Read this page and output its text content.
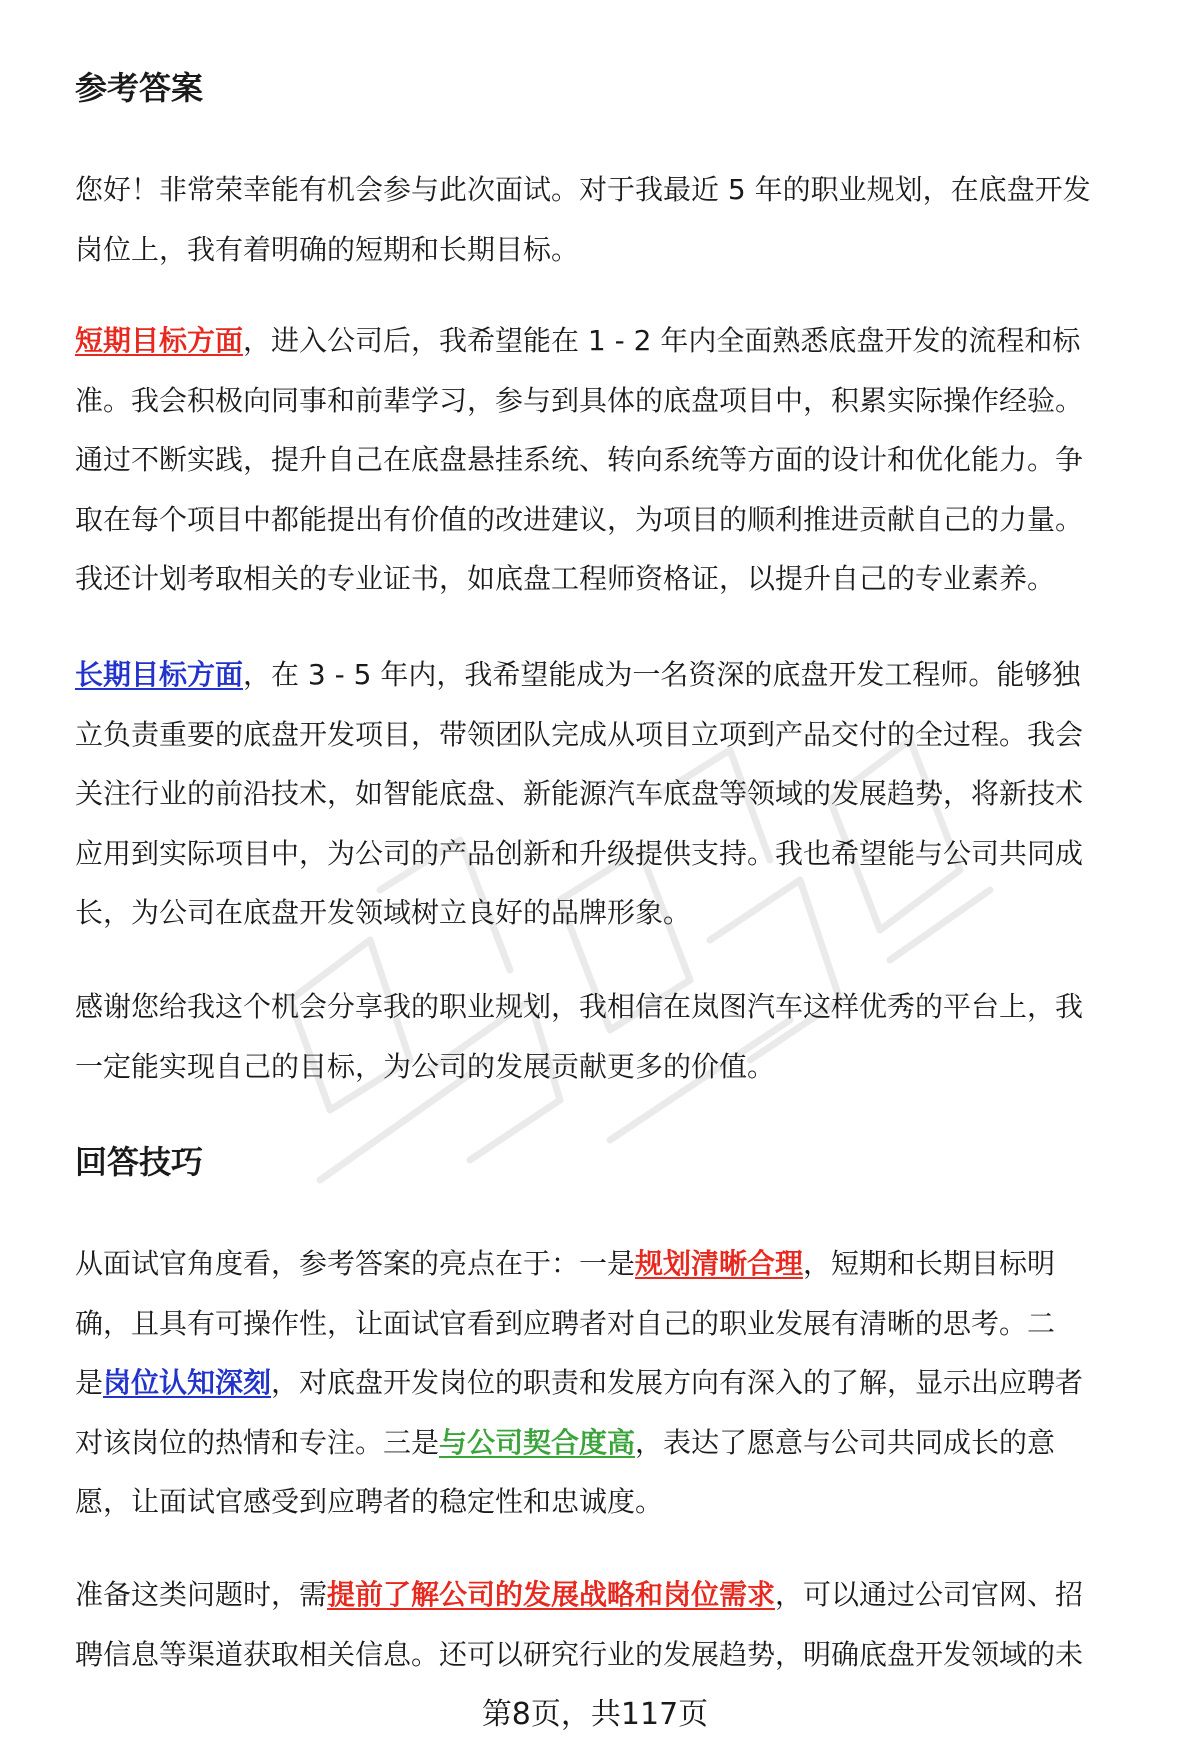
参考答案

您好！非常荣幸能有机会参与此次面试。对于我最近 5 年的职业规划，在底盘开发

岗位上，我有着明确的短期和长期目标。

短期目标方面，进入公司后，我希望能在 1 - 2 年内全面熟悉底盘开发的流程和标

准。我会积极向同事和前辈学习，参与到具体的底盘项目中，积累实际操作经验。

通过不断实践，提升自己在底盘悬挂系统、转向系统等方面的设计和优化能力。争

取在每个项目中都能提出有价值的改进建议，为项目的顺利推进贡献自己的力量。

我还计划考取相关的专业证书，如底盘工程师资格证，以提升自己的专业素养。

长期目标方面，在 3 - 5 年内，我希望能成为一名资深的底盘开发工程师。能够独

立负责重要的底盘开发项目，带领团队完成从项目立项到产品交付的全过程。我会

关注行业的前沿技术，如智能底盘、新能源汽车底盘等领域的发展趋势，将新技术

应用到实际项目中，为公司的产品创新和升级提供支持。我也希望能与公司共同成

长，为公司在底盘开发领域树立良好的品牌形象。

感谢您给我这个机会分享我的职业规划，我相信在岚图汽车这样优秀的平台上，我

一定能实现自己的目标，为公司的发展贡献更多的价值。

回答技巧

从面试官角度看，参考答案的亮点在于：一是规划清晰合理，短期和长期目标明

确，且具有可操作性，让面试官看到应聘者对自己的职业发展有清晰的思考。二

是岗位认知深刻，对底盘开发岗位的职责和发展方向有深入的了解，显示出应聘者

对该岗位的热情和专注。三是与公司契合度高，表达了愿意与公司共同成长的意

愿，让面试官感受到应聘者的稳定性和忠诚度。

准备这类问题时，需提前了解公司的发展战略和岗位需求，可以通过公司官网、招

聘信息等渠道获取相关信息。还可以研究行业的发展趋势，明确底盘开发领域的未

第8页，共117页
